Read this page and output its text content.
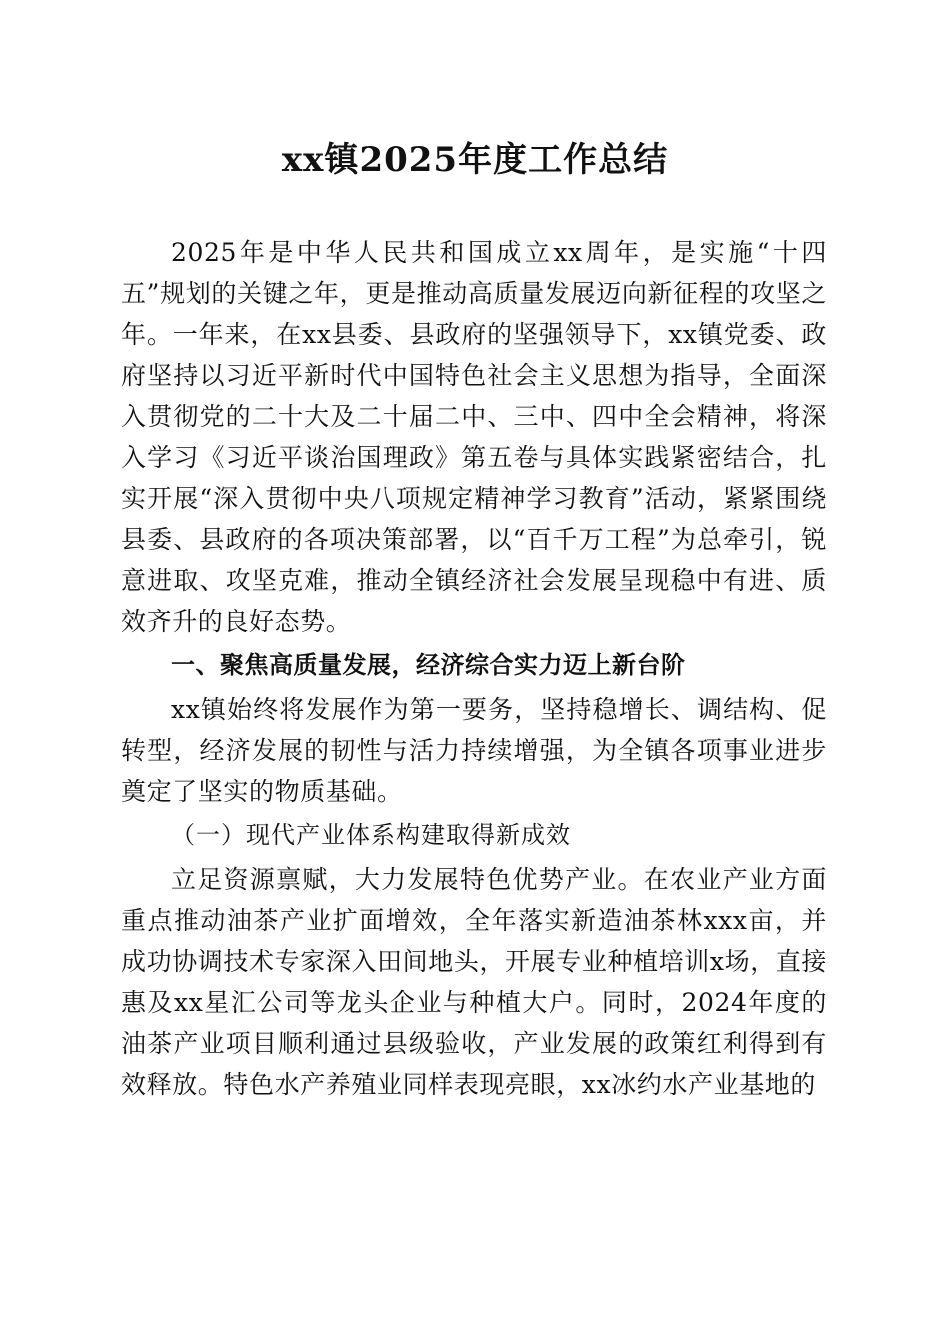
xx镇2025年度工作总结

2025年是中华人民共和国成立xx周年，是实施“十四五”规划的关键之年，更是推动高质量发展迈向新征程的攻坚之年。一年来，在xx县委、县政府的坚强领导下，xx镇党委、政府坚持以习近平新时代中国特色社会主义思想为指导，全面深入贯彻党的二十大及二十届二中、三中、四中全会精神，将深入学习《习近平谈治国理政》第五卷与具体实践紧密结合，扎实开展“深入贯彻中央八项规定精神学习教育”活动，紧紧围绕县委、县政府的各项决策部署，以“百千万工程”为总牵引，锐意进取、攻坚克难，推动全镇经济社会发展呈现稳中有进、质效齐升的良好态势。

一、聚焦高质量发展，经济综合实力迈上新台阶

xx镇始终将发展作为第一要务，坚持稳增长、调结构、促转型，经济发展的韧性与活力持续增强，为全镇各项事业进步奠定了坚实的物质基础。

（一）现代产业体系构建取得新成效

立足资源禀赋，大力发展特色优势产业。在农业产业方面重点推动油茶产业扩面增效，全年落实新造油茶林xxx亩，并成功协调技术专家深入田间地头，开展专业种植培训x场，直接惠及xx星汇公司等龙头企业与种植大户。同时，2024年度的油茶产业项目顺利通过县级验收，产业发展的政策红利得到有效释放。特色水产养殖业同样表现亮眼，xx冰约水产业基地的
